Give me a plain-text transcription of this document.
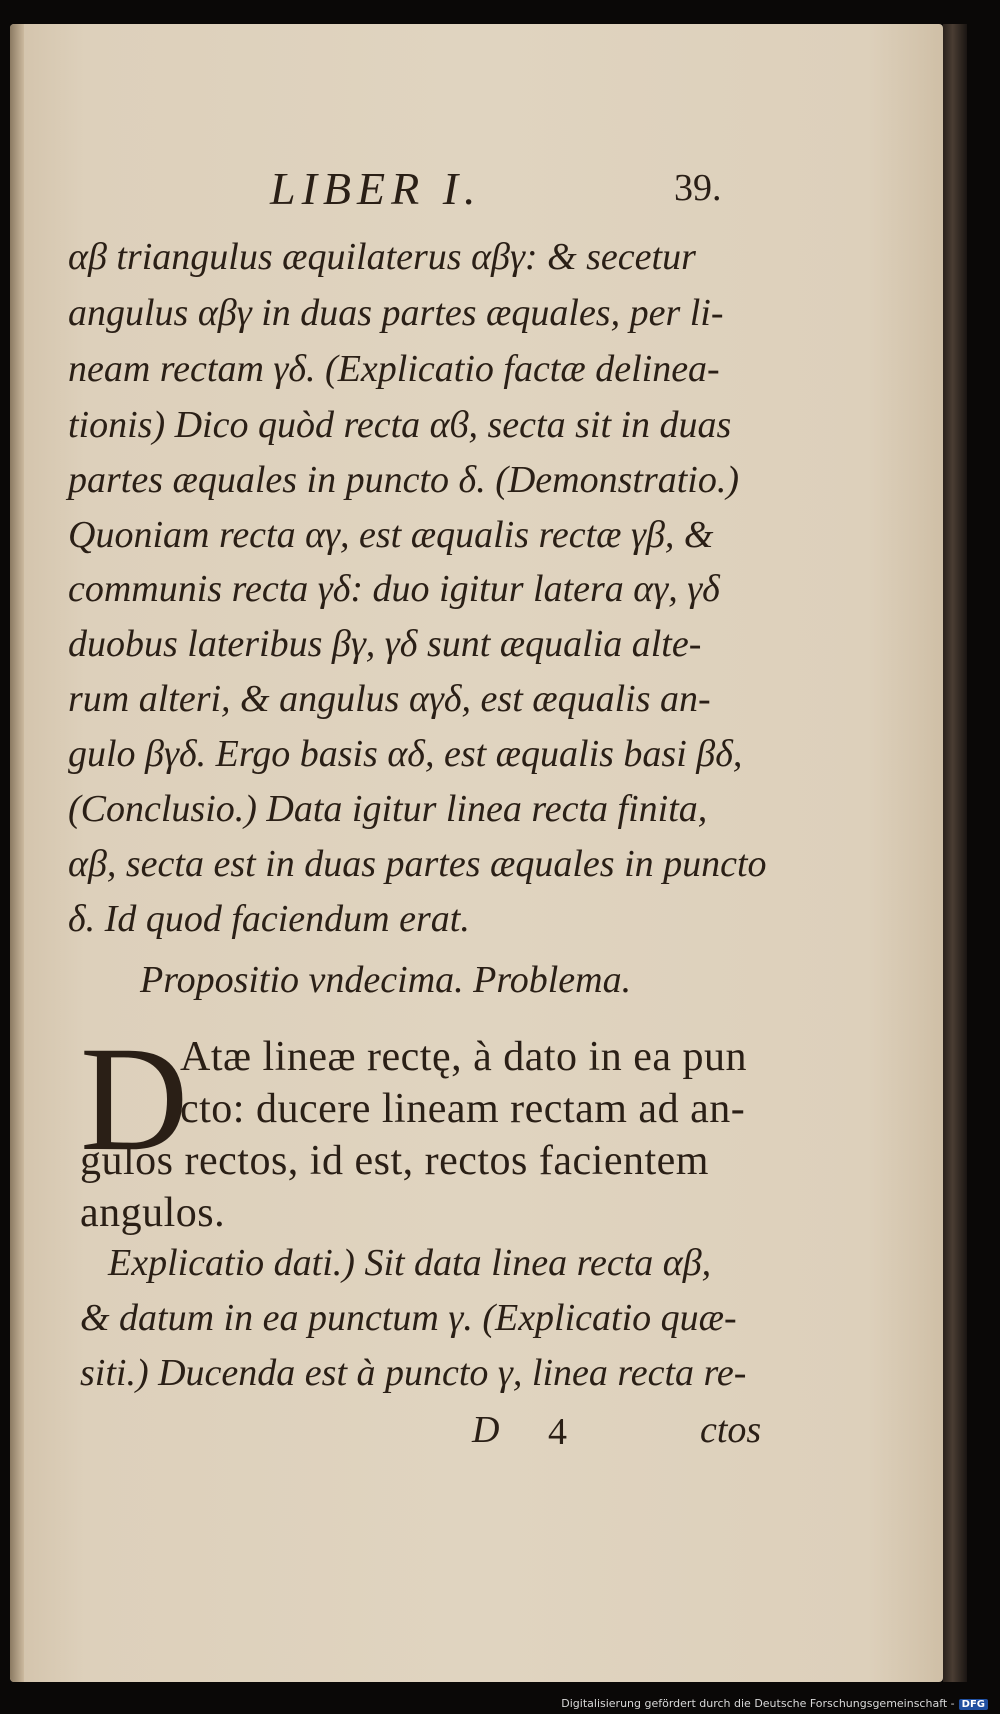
LIBER I.	39.
αβ triangulus æquilaterus αβγ: & secetur
angulus αβγ in duas partes æquales, per li-
neam rectam γδ. (Explicatio factæ delinea-
tionis) Dico quòd recta αϐ, secta sit in duas
partes æquales in puncto δ. (Demonstratio.)
Quoniam recta αγ, est æqualis rectæ γβ, &
communis recta γδ: duo igitur latera αγ, γδ
duobus lateribus βγ, γδ sunt æqualia alte-
rum alteri, & angulus αγδ, est æqualis an-
gulo βγδ. Ergo basis αδ, est æqualis basi βδ,
(Conclusio.) Data igitur linea recta finita,
αβ, secta est in duas partes æquales in puncto
δ. Id quod faciendum erat.
Propositio vndecima. Problema.
D
Atæ lineæ rectę, à dato in ea pun
cto: ducere lineam rectam ad an-
gulos rectos, id est, rectos facientem
angulos.
Explicatio dati.) Sit data linea recta αβ,
& datum in ea punctum γ. (Explicatio quæ-
siti.) Ducenda est à puncto γ, linea recta re-
D 4	ctos
Digitalisierung gefördert durch die Deutsche Forschungsgemeinschaft - DFG
